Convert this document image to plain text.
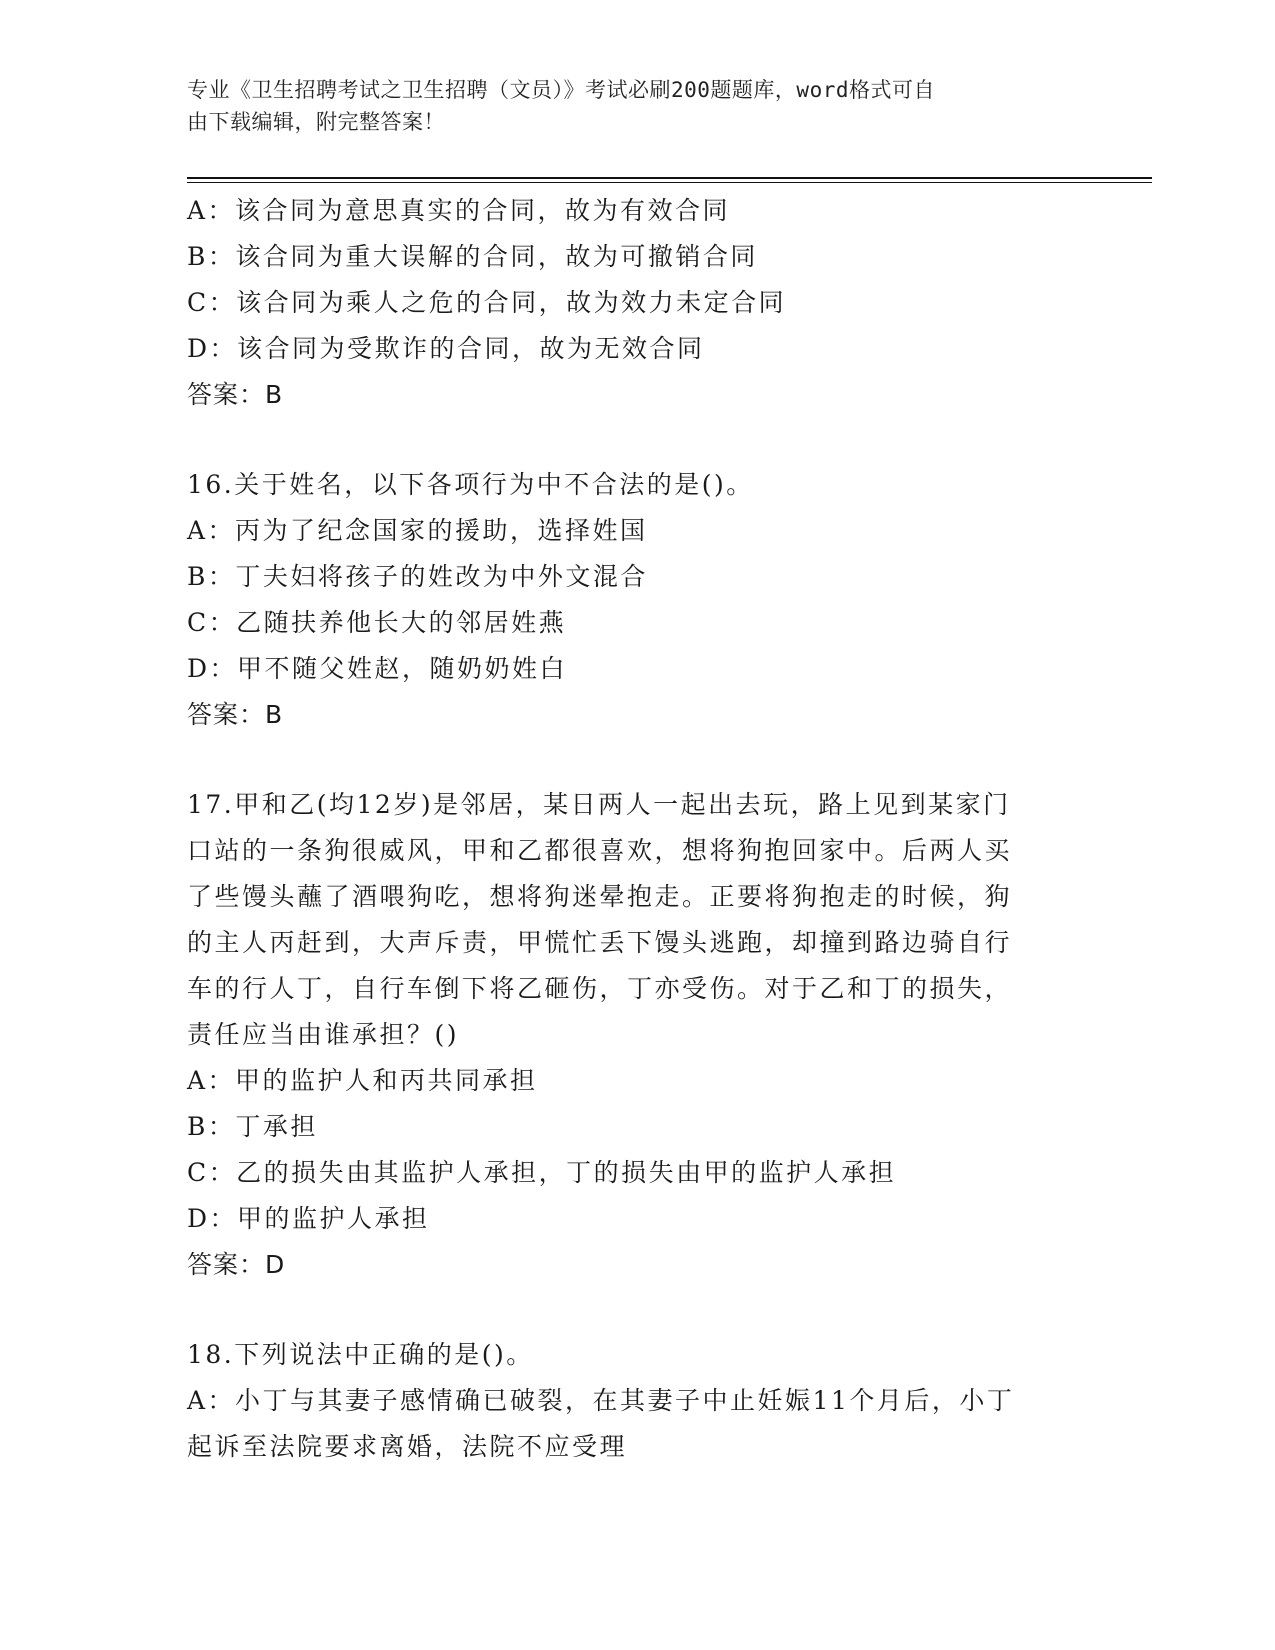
专业《卫生招聘考试之卫生招聘（文员）》考试必刷200题题库，word格式可自
由下载编辑，附完整答案！
A：该合同为意思真实的合同，故为有效合同
B：该合同为重大误解的合同，故为可撤销合同
C：该合同为乘人之危的合同，故为效力未定合同
D：该合同为受欺诈的合同，故为无效合同
答案：B
16.关于姓名，以下各项行为中不合法的是()。
A：丙为了纪念国家的援助，选择姓国
B：丁夫妇将孩子的姓改为中外文混合
C：乙随扶养他长大的邻居姓燕
D：甲不随父姓赵，随奶奶姓白
答案：B
17.甲和乙(均12岁)是邻居，某日两人一起出去玩，路上见到某家门
口站的一条狗很威风，甲和乙都很喜欢，想将狗抱回家中。后两人买
了些馒头蘸了酒喂狗吃，想将狗迷晕抱走。正要将狗抱走的时候，狗
的主人丙赶到，大声斥责，甲慌忙丢下馒头逃跑，却撞到路边骑自行
车的行人丁，自行车倒下将乙砸伤，丁亦受伤。对于乙和丁的损失，
责任应当由谁承担？()
A：甲的监护人和丙共同承担
B：丁承担
C：乙的损失由其监护人承担，丁的损失由甲的监护人承担
D：甲的监护人承担
答案：D
18.下列说法中正确的是()。
A：小丁与其妻子感情确已破裂，在其妻子中止妊娠11个月后，小丁
起诉至法院要求离婚，法院不应受理
